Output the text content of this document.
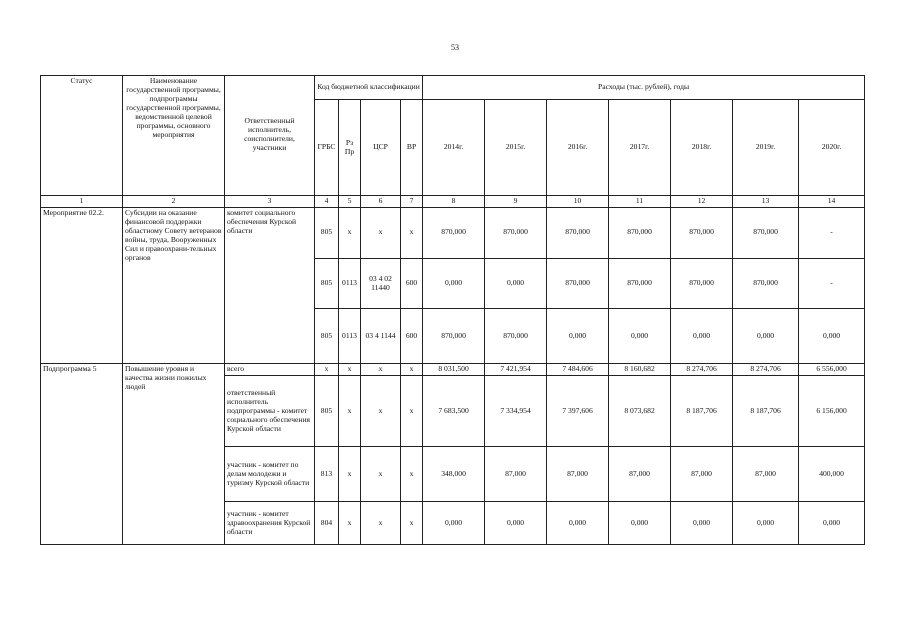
53
Статус	Наименование государственной программы, подпрограммы государственной программы, ведомственной целевой программы, основного мероприятия	Ответственный исполнитель, соисполнители, участники	Код бюджетной классификации				Расходы (тыс. рублей), годы						
			ГРБС	Рз Пр	ЦСР	ВР	2014г.	2015г.	2016г.	2017г.	2018г.	2019г.	2020г.
1	2	3	4	5	6	7	8	9	10	11	12	13	14
Мероприятие 02.2.	Субсидии на оказание финансовой поддержки областному Совету ветеранов войны, труда, Вооруженных Сил и правоохрани-тельных органов	комитет социального обеспечения Курской области	805	х	х	х	870,000	870,000	870,000	870,000	870,000	870,000	-
			805	0113	03 4 02 11440	600	0,000	0,000	870,000	870,000	870,000	870,000	-
			805	0113	03 4 1144	600	870,000	870,000	0,000	0,000	0,000	0,000	0,000
Подпрограмма 5	Повышение уровня и качества жизни пожилых людей	всего	х	х	х	х	8 031,500	7 421,954	7 484,606	8 160,682	8 274,706	8 274,706	6 556,000
		ответственный исполнитель подпрограммы - комитет социального обеспечения Курской области	805	х	х	х	7 683,500	7 334,954	7 397,606	8 073,682	8 187,706	8 187,706	6 156,000
		участник - комитет по делам молодежи и туризму Курской области	813	х	х	х	348,000	87,000	87,000	87,000	87,000	87,000	400,000
		участник - комитет здравоохранения Курской области	804	х	х	х	0,000	0,000	0,000	0,000	0,000	0,000	0,000
